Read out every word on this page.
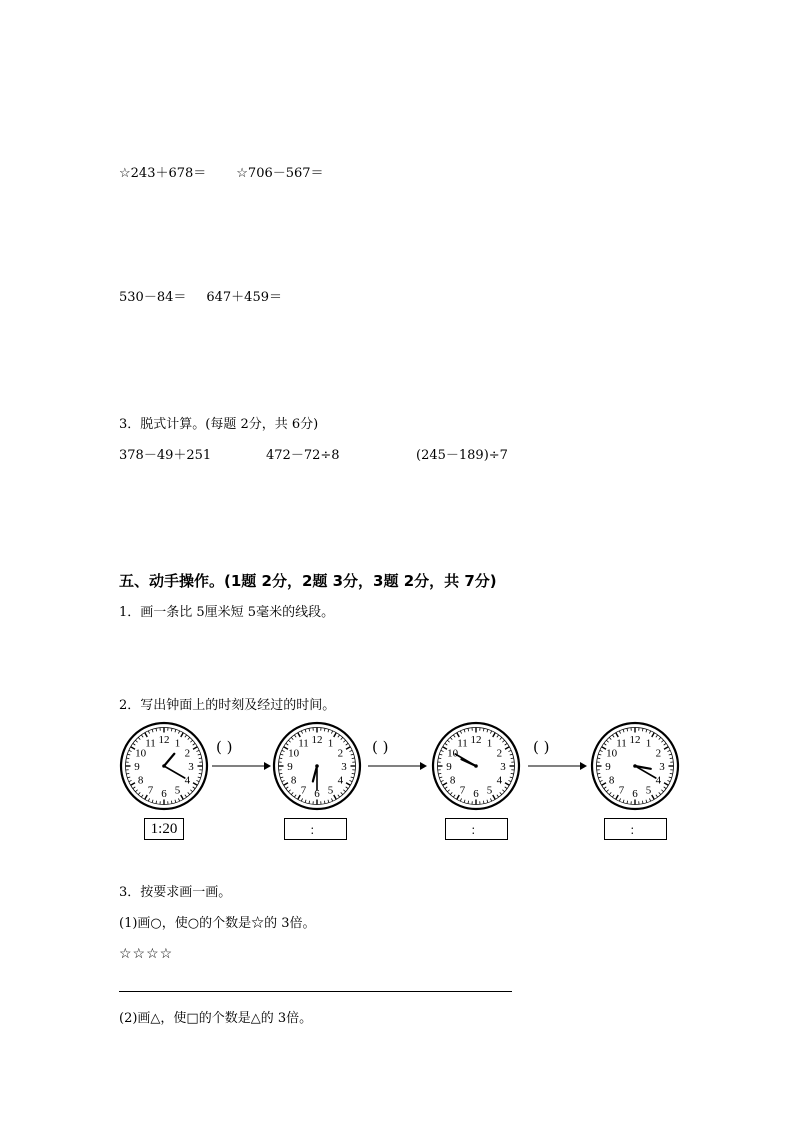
☆243＋678＝ ☆706－567＝
530－84＝ 647＋459＝
3．脱式计算。(每题 2分，共 6分)
378－49＋251	472－72÷8	(245－189)÷7
五、动手操作。(1题 2分，2题 3分，3题 2分，共 7分)
1．画一条比 5厘米短 5毫米的线段。
2．写出钟面上的时刻及经过的时间。
1
2
3
4
5
6
7
8
9
10
11 12	1
2
3
4
5
6
7
8
9
10
11 12	1
2
3
4
5
6
7
8
9
10
11 12	1
2
3
4
5
6
7
8
9
10
11 12
( )	( )	( )
1:20	：	：	：
3．按要求画一画。
(1)画○，使○的个数是☆的 3倍。
☆☆☆☆
(2)画△，使□的个数是△的 3倍。
